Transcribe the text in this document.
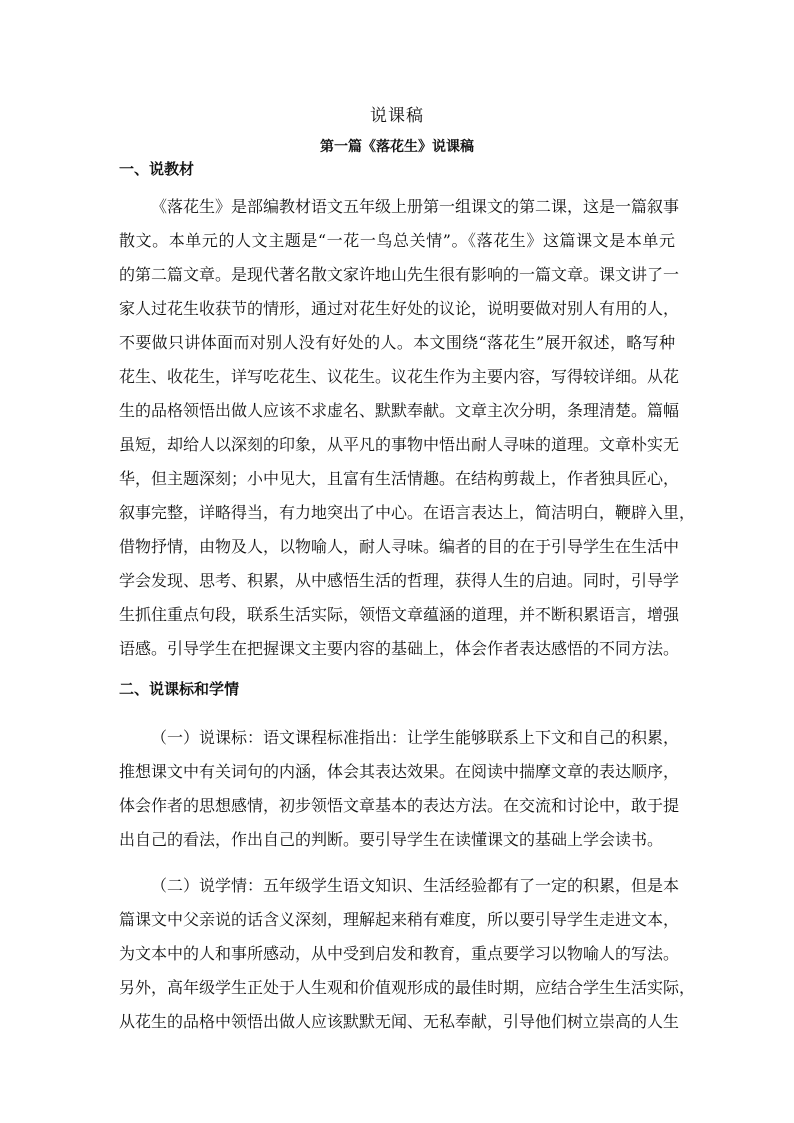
说课稿
第一篇《落花生》说课稿
一、说教材
《落花生》是部编教材语文五年级上册第一组课文的第二课，这是一篇叙事
散文。本单元的人文主题是“一花一鸟总关情”。《落花生》这篇课文是本单元
的第二篇文章。是现代著名散文家许地山先生很有影响的一篇文章。课文讲了一
家人过花生收获节的情形，通过对花生好处的议论，说明要做对别人有用的人，
不要做只讲体面而对别人没有好处的人。本文围绕“落花生”展开叙述，略写种
花生、收花生，详写吃花生、议花生。议花生作为主要内容，写得较详细。从花
生的品格领悟出做人应该不求虚名、默默奉献。文章主次分明，条理清楚。篇幅
虽短，却给人以深刻的印象，从平凡的事物中悟出耐人寻味的道理。文章朴实无
华，但主题深刻；小中见大，且富有生活情趣。在结构剪裁上，作者独具匠心，
叙事完整，详略得当，有力地突出了中心。在语言表达上，简洁明白，鞭辟入里，
借物抒情，由物及人，以物喻人，耐人寻味。编者的目的在于引导学生在生活中
学会发现、思考、积累，从中感悟生活的哲理，获得人生的启迪。同时，引导学
生抓住重点句段，联系生活实际，领悟文章蕴涵的道理，并不断积累语言，增强
语感。引导学生在把握课文主要内容的基础上，体会作者表达感悟的不同方法。
二、说课标和学情
（一）说课标：语文课程标准指出：让学生能够联系上下文和自己的积累，
推想课文中有关词句的内涵，体会其表达效果。在阅读中揣摩文章的表达顺序，
体会作者的思想感情，初步领悟文章基本的表达方法。在交流和讨论中，敢于提
出自己的看法，作出自己的判断。要引导学生在读懂课文的基础上学会读书。
（二）说学情：五年级学生语文知识、生活经验都有了一定的积累，但是本
篇课文中父亲说的话含义深刻，理解起来稍有难度，所以要引导学生走进文本，
为文本中的人和事所感动，从中受到启发和教育，重点要学习以物喻人的写法。
另外，高年级学生正处于人生观和价值观形成的最佳时期，应结合学生生活实际，
从花生的品格中领悟出做人应该默默无闻、无私奉献，引导他们树立崇高的人生
